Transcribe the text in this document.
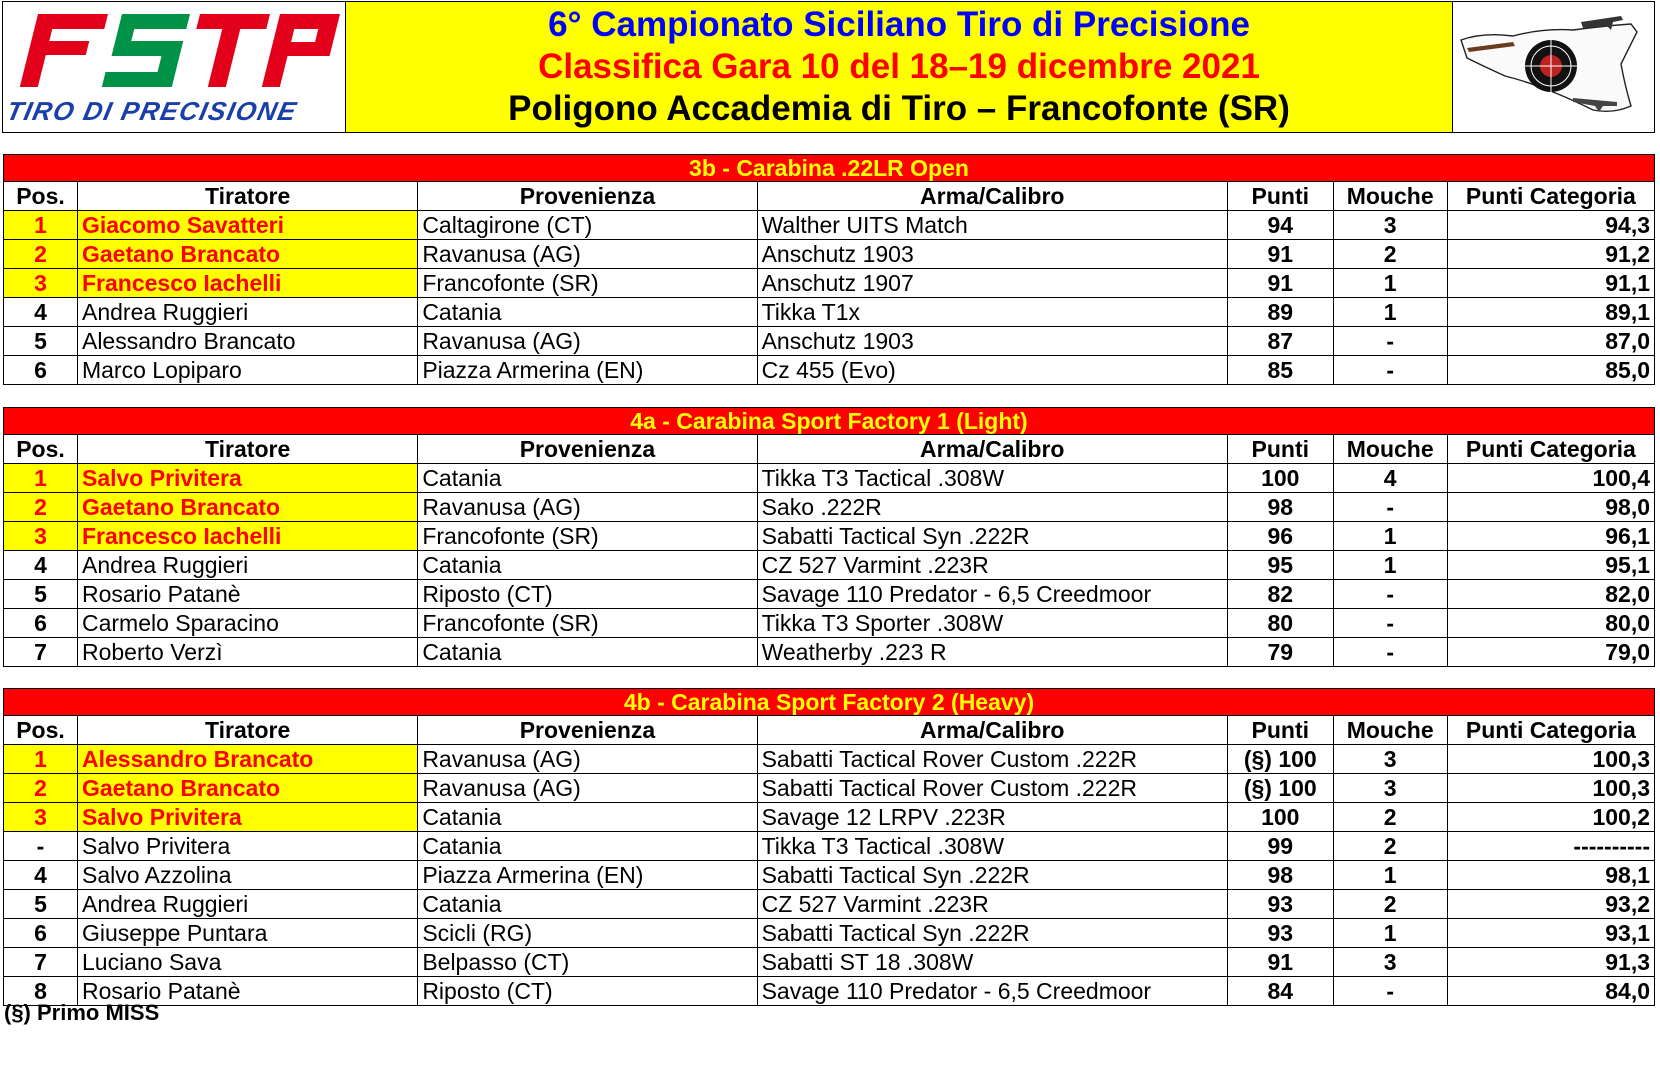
TIRO DI PRECISIONE
6° Campionato Siciliano Tiro di Precisione
Classifica Gara 10 del 18–19 dicembre 2021
Poligono Accademia di Tiro – Francofonte (SR)
3b - Carabina .22LR Open						
Pos.	Tiratore	Provenienza	Arma/Calibro	Punti	Mouche	Punti Categoria
1	Giacomo Savatteri	Caltagirone (CT)	Walther UITS Match	94	3	94,3
2	Gaetano Brancato	Ravanusa (AG)	Anschutz 1903	91	2	91,2
3	Francesco Iachelli	Francofonte (SR)	Anschutz 1907	91	1	91,1
4	Andrea Ruggieri	Catania	Tikka T1x	89	1	89,1
5	Alessandro Brancato	Ravanusa (AG)	Anschutz 1903	87	-	87,0
6	Marco Lopiparo	Piazza Armerina (EN)	Cz 455 (Evo)	85	-	85,0
4a - Carabina Sport Factory 1 (Light)						
Pos.	Tiratore	Provenienza	Arma/Calibro	Punti	Mouche	Punti Categoria
1	Salvo Privitera	Catania	Tikka T3 Tactical .308W	100	4	100,4
2	Gaetano Brancato	Ravanusa (AG)	Sako .222R	98	-	98,0
3	Francesco Iachelli	Francofonte (SR)	Sabatti Tactical Syn .222R	96	1	96,1
4	Andrea Ruggieri	Catania	CZ 527 Varmint .223R	95	1	95,1
5	Rosario Patanè	Riposto (CT)	Savage 110 Predator - 6,5 Creedmoor	82	-	82,0
6	Carmelo Sparacino	Francofonte (SR)	Tikka T3 Sporter .308W	80	-	80,0
7	Roberto Verzì	Catania	Weatherby .223 R	79	-	79,0
4b - Carabina Sport Factory 2 (Heavy)						
Pos.	Tiratore	Provenienza	Arma/Calibro	Punti	Mouche	Punti Categoria
1	Alessandro Brancato	Ravanusa (AG)	Sabatti Tactical Rover Custom .222R	(§) 100	3	100,3
2	Gaetano Brancato	Ravanusa (AG)	Sabatti Tactical Rover Custom .222R	(§) 100	3	100,3
3	Salvo Privitera	Catania	Savage 12 LRPV .223R	100	2	100,2
-	Salvo Privitera	Catania	Tikka T3 Tactical .308W	99	2	----------
4	Salvo Azzolina	Piazza Armerina (EN)	Sabatti Tactical Syn .222R	98	1	98,1
5	Andrea Ruggieri	Catania	CZ 527 Varmint .223R	93	2	93,2
6	Giuseppe Puntara	Scicli (RG)	Sabatti Tactical Syn .222R	93	1	93,1
7	Luciano Sava	Belpasso (CT)	Sabatti ST 18 .308W	91	3	91,3
8	Rosario Patanè	Riposto (CT)	Savage 110 Predator - 6,5 Creedmoor	84	-	84,0
(§) Primo MISS
